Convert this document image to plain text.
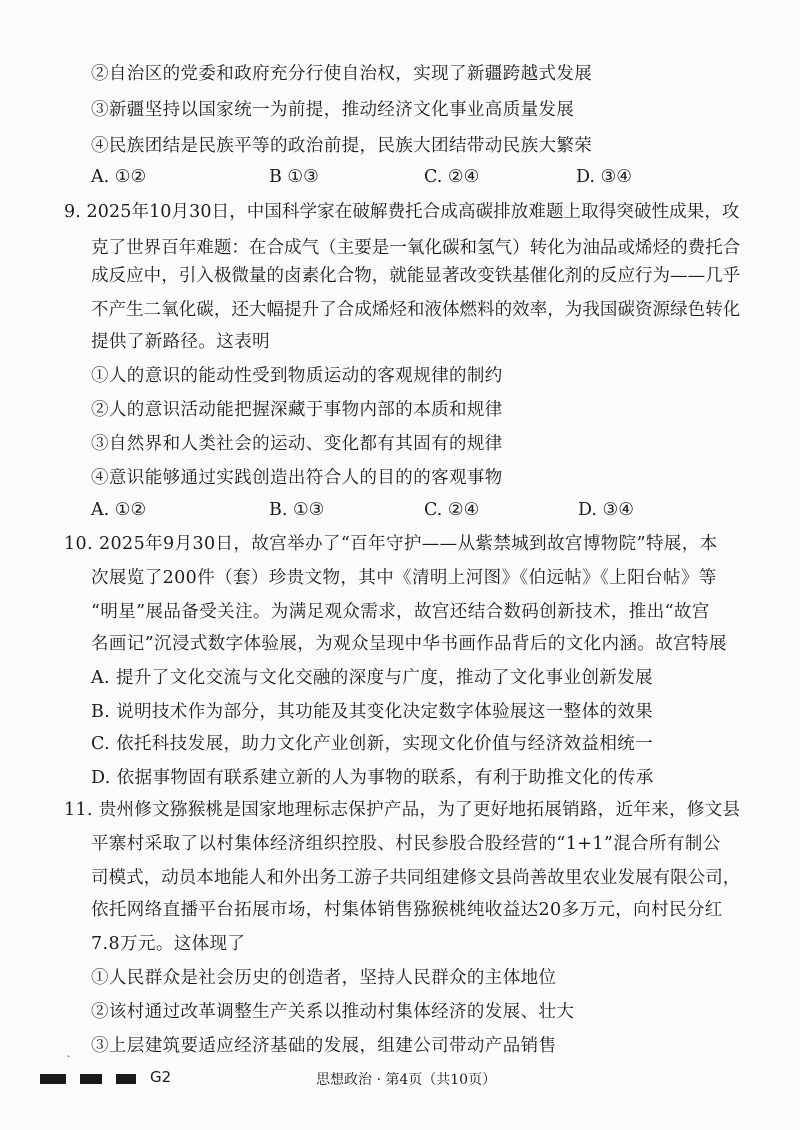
②自治区的党委和政府充分行使自治权，实现了新疆跨越式发展
③新疆坚持以国家统一为前提，推动经济文化事业高质量发展
④民族团结是民族平等的政治前提，民族大团结带动民族大繁荣
A. ①②	B ①③	C. ②④	D. ③④
9. 2025年10月30日，中国科学家在破解费托合成高碳排放难题上取得突破性成果，攻
克了世界百年难题：在合成气（主要是一氧化碳和氢气）转化为油品或烯烃的费托合
成反应中，引入极微量的卤素化合物，就能显著改变铁基催化剂的反应行为——几乎
不产生二氧化碳，还大幅提升了合成烯烃和液体燃料的效率，为我国碳资源绿色转化
提供了新路径。这表明
①人的意识的能动性受到物质运动的客观规律的制约
②人的意识活动能把握深藏于事物内部的本质和规律
③自然界和人类社会的运动、变化都有其固有的规律
④意识能够通过实践创造出符合人的目的的客观事物
A. ①②	B. ①③	C. ②④	D. ③④
10. 2025年9月30日，故宫举办了“百年守护——从紫禁城到故宫博物院”特展，本
次展览了200件（套）珍贵文物，其中《清明上河图》《伯远帖》《上阳台帖》等
“明星”展品备受关注。为满足观众需求，故宫还结合数码创新技术，推出“故宫
名画记”沉浸式数字体验展，为观众呈现中华书画作品背后的文化内涵。故宫特展
A. 提升了文化交流与文化交融的深度与广度，推动了文化事业创新发展
B. 说明技术作为部分，其功能及其变化决定数字体验展这一整体的效果
C. 依托科技发展，助力文化产业创新，实现文化价值与经济效益相统一
D. 依据事物固有联系建立新的人为事物的联系，有利于助推文化的传承
11. 贵州修文猕猴桃是国家地理标志保护产品，为了更好地拓展销路，近年来，修文县
平寨村采取了以村集体经济组织控股、村民参股合股经营的“1+1”混合所有制公
司模式，动员本地能人和外出务工游子共同组建修文县尚善故里农业发展有限公司，
依托网络直播平台拓展市场，村集体销售猕猴桃纯收益达20多万元，向村民分红
7.8万元。这体现了
①人民群众是社会历史的创造者，坚持人民群众的主体地位
②该村通过改革调整生产关系以推动村集体经济的发展、壮大
③上层建筑要适应经济基础的发展，组建公司带动产品销售
˛
G2	思想政治 · 第4页（共10页）
